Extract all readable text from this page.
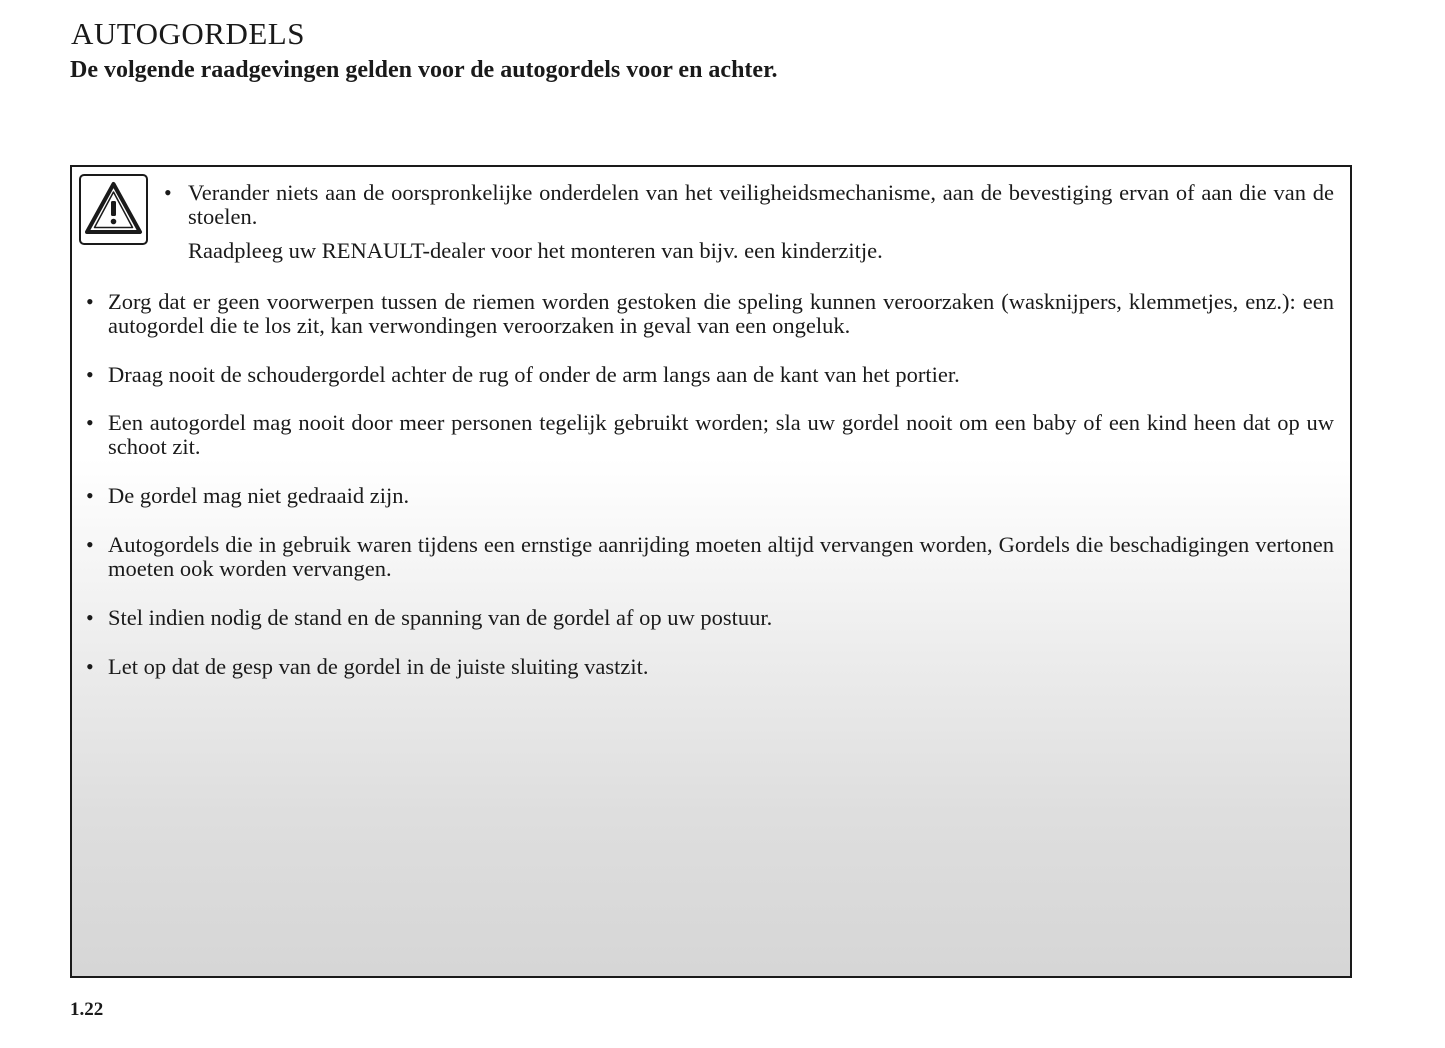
AUTOGORDELS

De volgende raadgevingen gelden voor de autogordels voor en achter.

• Verander niets aan de oorspronkelijke onderdelen van het veiligheidsmechanisme, aan de bevestiging ervan of aan die van de stoelen.
Raadpleeg uw RENAULT-dealer voor het monteren van bijv. een kinderzitje.
• Zorg dat er geen voorwerpen tussen de riemen worden gestoken die speling kunnen veroorzaken (wasknijpers, klemmetjes, enz.): een autogordel die te los zit, kan verwondingen veroorzaken in geval van een ongeluk.
• Draag nooit de schoudergordel achter de rug of onder de arm langs aan de kant van het portier.
• Een autogordel mag nooit door meer personen tegelijk gebruikt worden; sla uw gordel nooit om een baby of een kind heen dat op uw schoot zit.
• De gordel mag niet gedraaid zijn.
• Autogordels die in gebruik waren tijdens een ernstige aanrijding moeten altijd vervangen worden, Gordels die beschadigingen vertonen moeten ook worden vervangen.
• Stel indien nodig de stand en de spanning van de gordel af op uw postuur.
• Let op dat de gesp van de gordel in de juiste sluiting vastzit.

1.22
